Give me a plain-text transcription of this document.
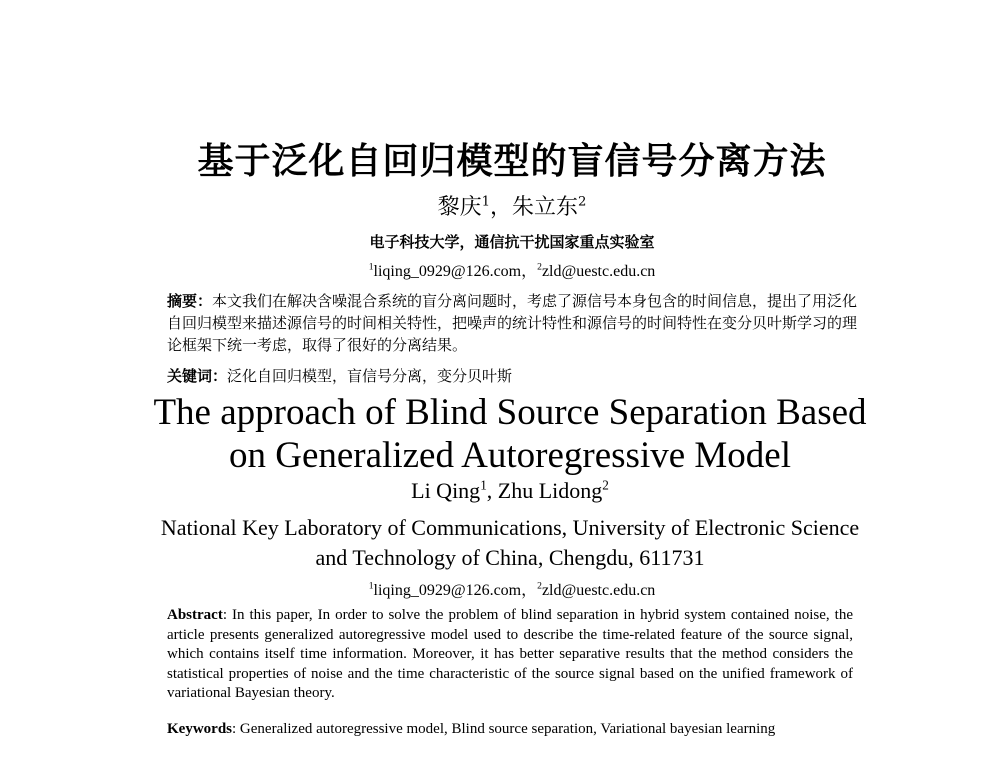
基于泛化自回归模型的盲信号分离方法
黎庆$^1$，朱立东$^2$
电子科技大学，通信抗干扰国家重点实验室
$^1$liqing_0929@126.com，$^2$zld@uestc.edu.cn
摘要：本文我们在解决含噪混合系统的盲分离问题时，考虑了源信号本身包含的时间信息，提出了用泛化自回归模型来描述源信号的时间相关特性，把噪声的统计特性和源信号的时间特性在变分贝叶斯学习的理论框架下统一考虑，取得了很好的分离结果。
关键词：泛化自回归模型，盲信号分离，变分贝叶斯
The approach of Blind Source Separation Based
on Generalized Autoregressive Model
Li Qing$^1$, Zhu Lidong$^2$
National Key Laboratory of Communications, University of Electronic Science
and Technology of China, Chengdu, 611731
$^1$liqing_0929@126.com，$^2$zld@uestc.edu.cn
Abstract: In this paper, In order to solve the problem of blind separation in hybrid system contained noise, the article presents generalized autoregressive model used to describe the time-related feature of the source signal, which contains itself time information. Moreover, it has better separative results that the method considers the statistical properties of noise and the time characteristic of the source signal based on the unified framework of variational Bayesian theory.
Keywords: Generalized autoregressive model, Blind source separation, Variational bayesian learning
